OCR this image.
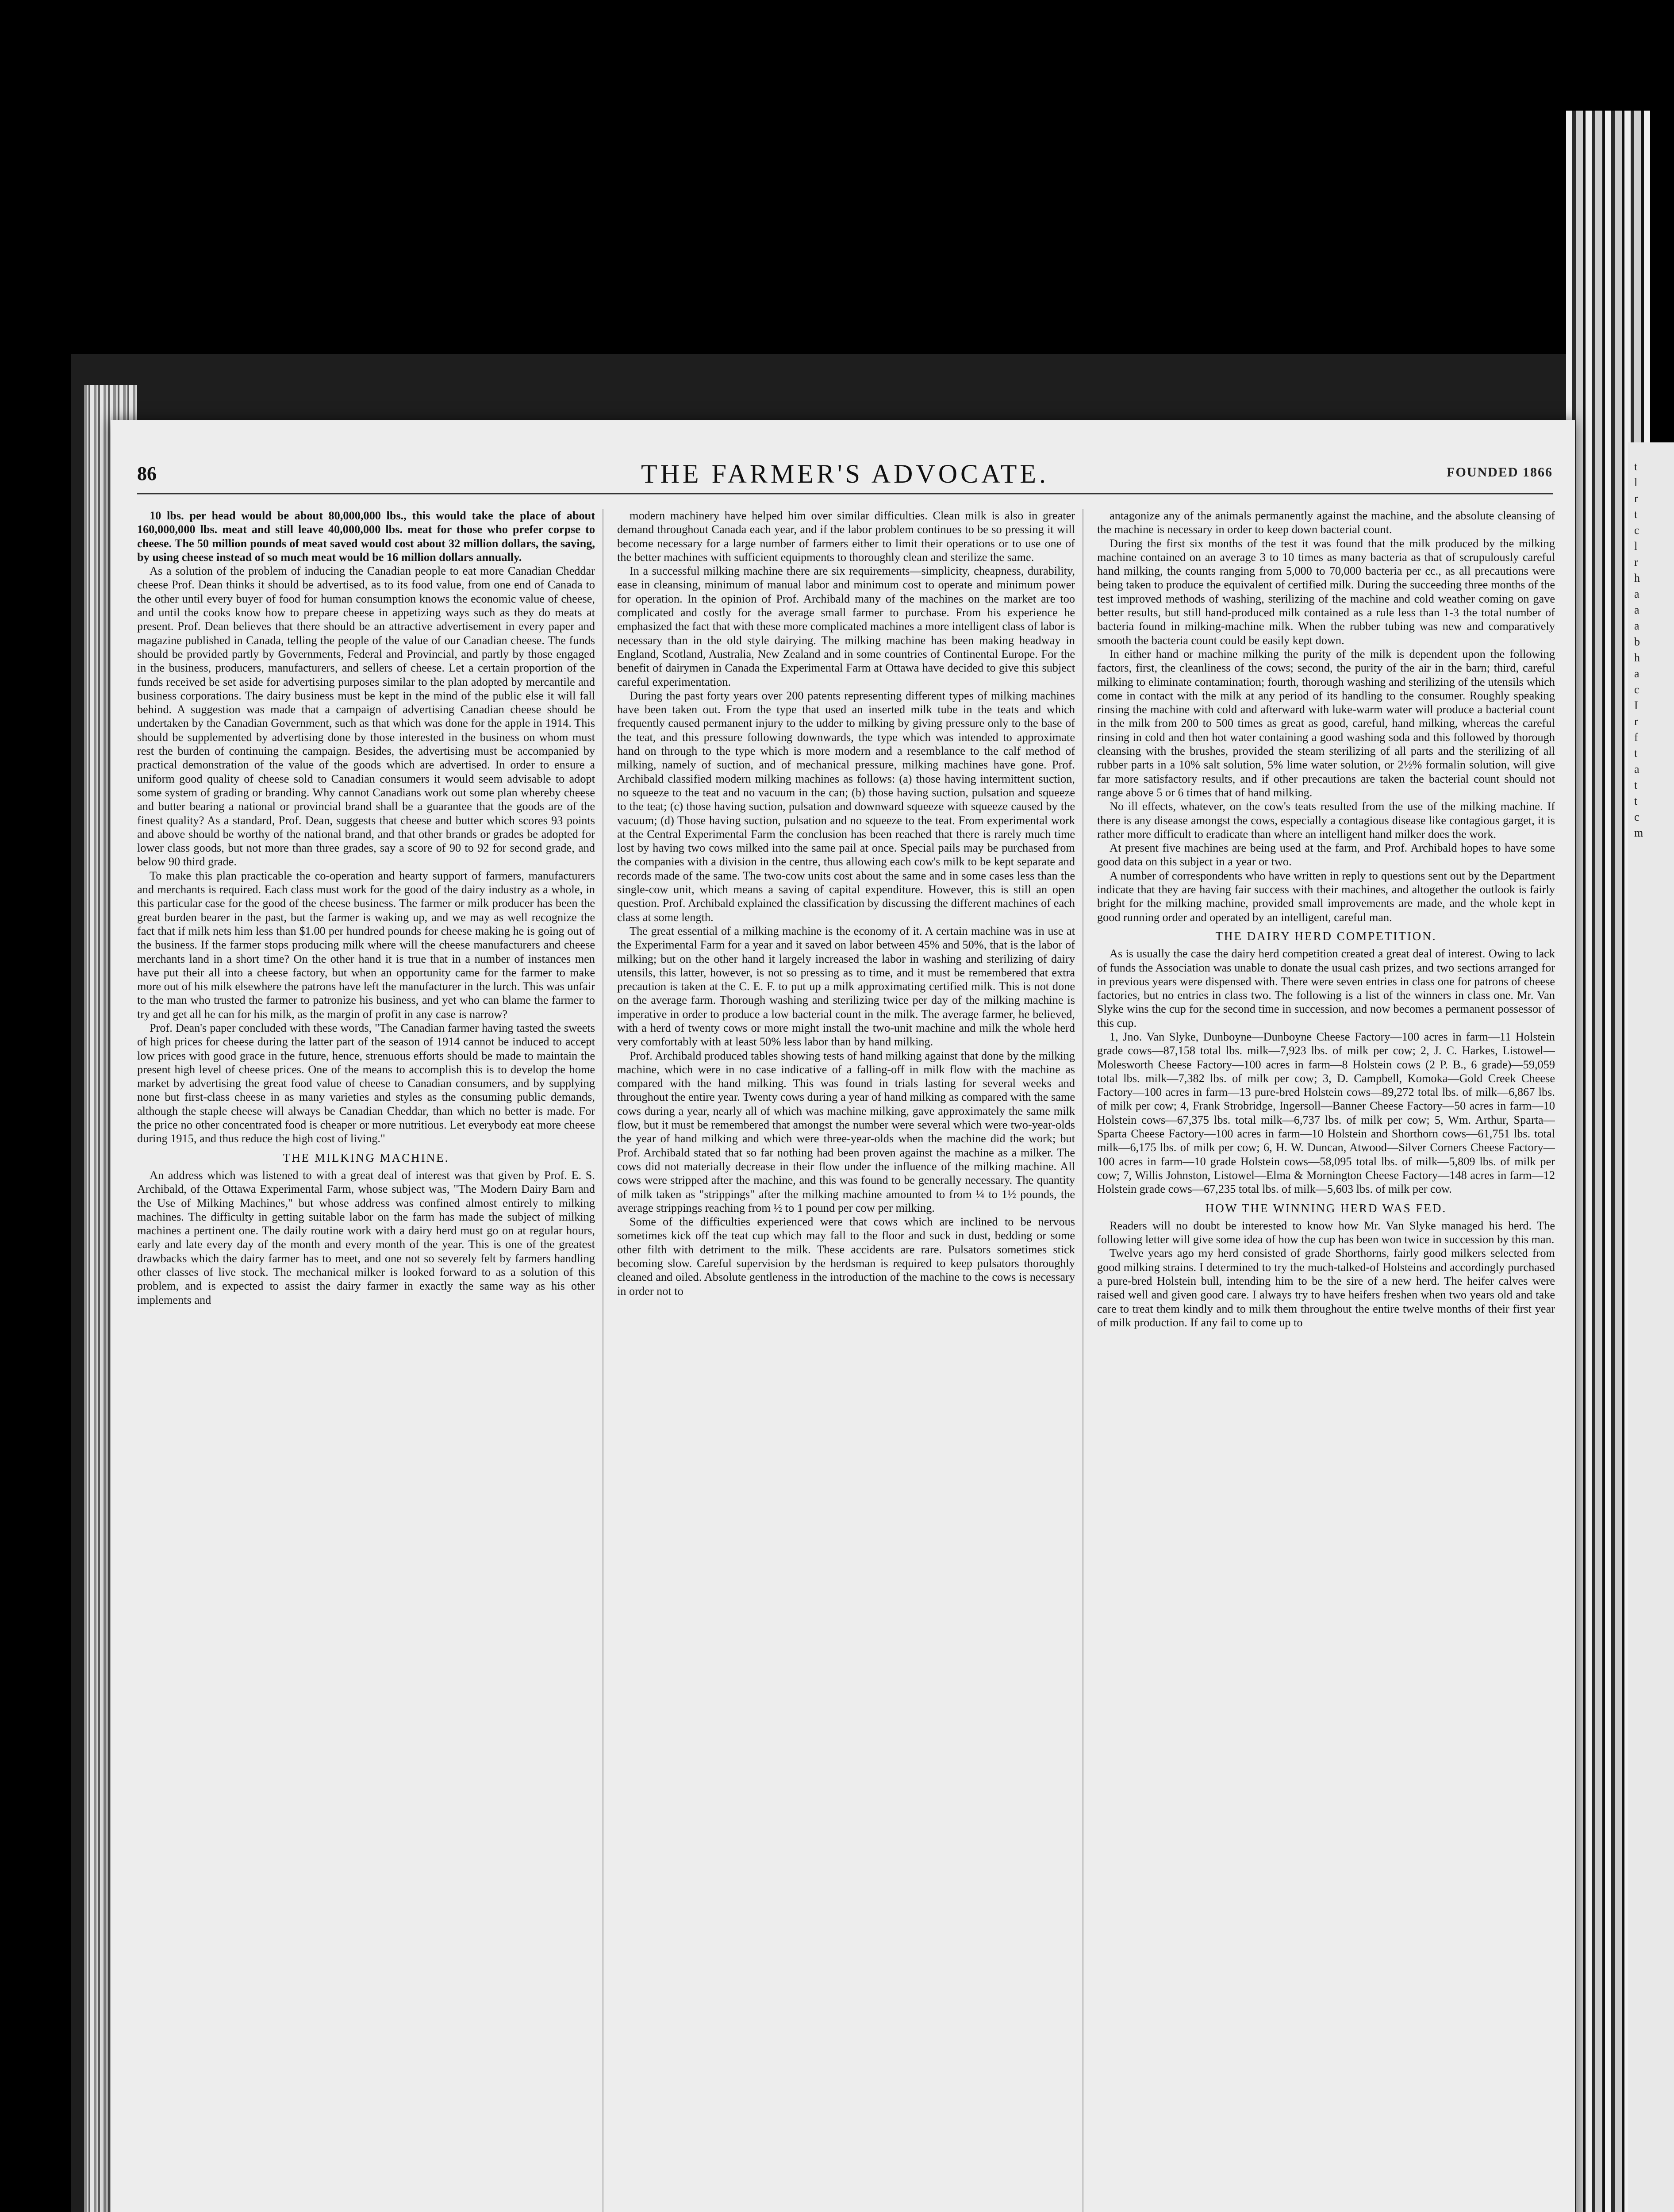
t
l
r
t
c
l
r
h
a
a
a
b
h
a
c
I
r
f
t
a
t
t
c
m
86	THE FARMER'S ADVOCATE.	FOUNDED 1866

10 lbs. per head would be about 80,000,000 lbs., this would take the place of about 160,000,000 lbs. meat and still leave 40,000,000 lbs. meat for those who prefer corpse to cheese. The 50 million pounds of meat saved would cost about 32 million dollars, the saving, by using cheese instead of so much meat would be 16 million dollars annually.

As a solution of the problem of inducing the Canadian people to eat more Canadian Cheddar cheese Prof. Dean thinks it should be advertised, as to its food value, from one end of Canada to the other until every buyer of food for human consumption knows the economic value of cheese, and until the cooks know how to prepare cheese in appetizing ways such as they do meats at present. Prof. Dean believes that there should be an attractive advertisement in every paper and magazine published in Canada, telling the people of the value of our Canadian cheese. The funds should be provided partly by Governments, Federal and Provincial, and partly by those engaged in the business, producers, manufacturers, and sellers of cheese. Let a certain proportion of the funds received be set aside for advertising purposes similar to the plan adopted by mercantile and business corporations. The dairy business must be kept in the mind of the public else it will fall behind. A suggestion was made that a campaign of advertising Canadian cheese should be undertaken by the Canadian Government, such as that which was done for the apple in 1914. This should be supplemented by advertising done by those interested in the business on whom must rest the burden of continuing the campaign. Besides, the advertising must be accompanied by practical demonstration of the value of the goods which are advertised. In order to ensure a uniform good quality of cheese sold to Canadian consumers it would seem advisable to adopt some system of grading or branding. Why cannot Canadians work out some plan whereby cheese and butter bearing a national or provincial brand shall be a guarantee that the goods are of the finest quality? As a standard, Prof. Dean, suggests that cheese and butter which scores 93 points and above should be worthy of the national brand, and that other brands or grades be adopted for lower class goods, but not more than three grades, say a score of 90 to 92 for second grade, and below 90 third grade.

To make this plan practicable the co-operation and hearty support of farmers, manufacturers and merchants is required. Each class must work for the good of the dairy industry as a whole, in this particular case for the good of the cheese business. The farmer or milk producer has been the great burden bearer in the past, but the farmer is waking up, and we may as well recognize the fact that if milk nets him less than $1.00 per hundred pounds for cheese making he is going out of the business. If the farmer stops producing milk where will the cheese manufacturers and cheese merchants land in a short time? On the other hand it is true that in a number of instances men have put their all into a cheese factory, but when an opportunity came for the farmer to make more out of his milk elsewhere the patrons have left the manufacturer in the lurch. This was unfair to the man who trusted the farmer to patronize his business, and yet who can blame the farmer to try and get all he can for his milk, as the margin of profit in any case is narrow?

Prof. Dean's paper concluded with these words, "The Canadian farmer having tasted the sweets of high prices for cheese during the latter part of the season of 1914 cannot be induced to accept low prices with good grace in the future, hence, strenuous efforts should be made to maintain the present high level of cheese prices. One of the means to accomplish this is to develop the home market by advertising the great food value of cheese to Canadian consumers, and by supplying none but first-class cheese in as many varieties and styles as the consuming public demands, although the staple cheese will always be Canadian Cheddar, than which no better is made. For the price no other concentrated food is cheaper or more nutritious. Let everybody eat more cheese during 1915, and thus reduce the high cost of living."

THE MILKING MACHINE.

An address which was listened to with a great deal of interest was that given by Prof. E. S. Archibald, of the Ottawa Experimental Farm, whose subject was, "The Modern Dairy Barn and the Use of Milking Machines," but whose address was confined almost entirely to milking machines. The difficulty in getting suitable labor on the farm has made the subject of milking machines a pertinent one. The daily routine work with a dairy herd must go on at regular hours, early and late every day of the month and every month of the year. This is one of the greatest drawbacks which the dairy farmer has to meet, and one not so severely felt by farmers handling other classes of live stock. The mechanical milker is looked forward to as a solution of this problem, and is expected to assist the dairy farmer in exactly the same way as his other implements and

modern machinery have helped him over similar difficulties. Clean milk is also in greater demand throughout Canada each year, and if the labor problem continues to be so pressing it will become necessary for a large number of farmers either to limit their operations or to use one of the better machines with sufficient equipments to thoroughly clean and sterilize the same.

In a successful milking machine there are six requirements—simplicity, cheapness, durability, ease in cleansing, minimum of manual labor and minimum cost to operate and minimum power for operation. In the opinion of Prof. Archibald many of the machines on the market are too complicated and costly for the average small farmer to purchase. From his experience he emphasized the fact that with these more complicated machines a more intelligent class of labor is necessary than in the old style dairying. The milking machine has been making headway in England, Scotland, Australia, New Zealand and in some countries of Continental Europe. For the benefit of dairymen in Canada the Experimental Farm at Ottawa have decided to give this subject careful experimentation.

During the past forty years over 200 patents representing different types of milking machines have been taken out. From the type that used an inserted milk tube in the teats and which frequently caused permanent injury to the udder to milking by giving pressure only to the base of the teat, and this pressure following downwards, the type which was intended to approximate hand on through to the type which is more modern and a resemblance to the calf method of milking, namely of suction, and of mechanical pressure, milking machines have gone. Prof. Archibald classified modern milking machines as follows: (a) those having intermittent suction, no squeeze to the teat and no vacuum in the can; (b) those having suction, pulsation and squeeze to the teat; (c) those having suction, pulsation and downward squeeze with squeeze caused by the vacuum; (d) Those having suction, pulsation and no squeeze to the teat. From experimental work at the Central Experimental Farm the conclusion has been reached that there is rarely much time lost by having two cows milked into the same pail at once. Special pails may be purchased from the companies with a division in the centre, thus allowing each cow's milk to be kept separate and records made of the same. The two-cow units cost about the same and in some cases less than the single-cow unit, which means a saving of capital expenditure. However, this is still an open question. Prof. Archibald explained the classification by discussing the different machines of each class at some length.

The great essential of a milking machine is the economy of it. A certain machine was in use at the Experimental Farm for a year and it saved on labor between 45% and 50%, that is the labor of milking; but on the other hand it largely increased the labor in washing and sterilizing of dairy utensils, this latter, however, is not so pressing as to time, and it must be remembered that extra precaution is taken at the C. E. F. to put up a milk approximating certified milk. This is not done on the average farm. Thorough washing and sterilizing twice per day of the milking machine is imperative in order to produce a low bacterial count in the milk. The average farmer, he believed, with a herd of twenty cows or more might install the two-unit machine and milk the whole herd very comfortably with at least 50% less labor than by hand milking.

Prof. Archibald produced tables showing tests of hand milking against that done by the milking machine, which were in no case indicative of a falling-off in milk flow with the machine as compared with the hand milking. This was found in trials lasting for several weeks and throughout the entire year. Twenty cows during a year of hand milking as compared with the same cows during a year, nearly all of which was machine milking, gave approximately the same milk flow, but it must be remembered that amongst the number were several which were two-year-olds the year of hand milking and which were three-year-olds when the machine did the work; but Prof. Archibald stated that so far nothing had been proven against the machine as a milker. The cows did not materially decrease in their flow under the influence of the milking machine. All cows were stripped after the machine, and this was found to be generally necessary. The quantity of milk taken as "strippings" after the milking machine amounted to from ¼ to 1½ pounds, the average strippings reaching from ½ to 1 pound per cow per milking.

Some of the difficulties experienced were that cows which are inclined to be nervous sometimes kick off the teat cup which may fall to the floor and suck in dust, bedding or some other filth with detriment to the milk. These accidents are rare. Pulsators sometimes stick becoming slow. Careful supervision by the herdsman is required to keep pulsators thoroughly cleaned and oiled. Absolute gentleness in the introduction of the machine to the cows is necessary in order not to

antagonize any of the animals permanently against the machine, and the absolute cleansing of the machine is necessary in order to keep down bacterial count.

During the first six months of the test it was found that the milk produced by the milking machine contained on an average 3 to 10 times as many bacteria as that of scrupulously careful hand milking, the counts ranging from 5,000 to 70,000 bacteria per cc., as all precautions were being taken to produce the equivalent of certified milk. During the succeeding three months of the test improved methods of washing, sterilizing of the machine and cold weather coming on gave better results, but still hand-produced milk contained as a rule less than 1-3 the total number of bacteria found in milking-machine milk. When the rubber tubing was new and comparatively smooth the bacteria count could be easily kept down.

In either hand or machine milking the purity of the milk is dependent upon the following factors, first, the cleanliness of the cows; second, the purity of the air in the barn; third, careful milking to eliminate contamination; fourth, thorough washing and sterilizing of the utensils which come in contact with the milk at any period of its handling to the consumer. Roughly speaking rinsing the machine with cold and afterward with luke-warm water will produce a bacterial count in the milk from 200 to 500 times as great as good, careful, hand milking, whereas the careful rinsing in cold and then hot water containing a good washing soda and this followed by thorough cleansing with the brushes, provided the steam sterilizing of all parts and the sterilizing of all rubber parts in a 10% salt solution, 5% lime water solution, or 2½% formalin solution, will give far more satisfactory results, and if other precautions are taken the bacterial count should not range above 5 or 6 times that of hand milking.

No ill effects, whatever, on the cow's teats resulted from the use of the milking machine. If there is any disease amongst the cows, especially a contagious disease like contagious garget, it is rather more difficult to eradicate than where an intelligent hand milker does the work.

At present five machines are being used at the farm, and Prof. Archibald hopes to have some good data on this subject in a year or two.

A number of correspondents who have written in reply to questions sent out by the Department indicate that they are having fair success with their machines, and altogether the outlook is fairly bright for the milking machine, provided small improvements are made, and the whole kept in good running order and operated by an intelligent, careful man.

THE DAIRY HERD COMPETITION.

As is usually the case the dairy herd competition created a great deal of interest. Owing to lack of funds the Association was unable to donate the usual cash prizes, and two sections arranged for in previous years were dispensed with. There were seven entries in class one for patrons of cheese factories, but no entries in class two. The following is a list of the winners in class one. Mr. Van Slyke wins the cup for the second time in succession, and now becomes a permanent possessor of this cup.

1, Jno. Van Slyke, Dunboyne—Dunboyne Cheese Factory—100 acres in farm—11 Holstein grade cows—87,158 total lbs. milk—7,923 lbs. of milk per cow; 2, J. C. Harkes, Listowel—Molesworth Cheese Factory—100 acres in farm—8 Holstein cows (2 P. B., 6 grade)—59,059 total lbs. milk—7,382 lbs. of milk per cow; 3, D. Campbell, Komoka—Gold Creek Cheese Factory—100 acres in farm—13 pure-bred Holstein cows—89,272 total lbs. of milk—6,867 lbs. of milk per cow; 4, Frank Strobridge, Ingersoll—Banner Cheese Factory—50 acres in farm—10 Holstein cows—67,375 lbs. total milk—6,737 lbs. of milk per cow; 5, Wm. Arthur, Sparta—Sparta Cheese Factory—100 acres in farm—10 Holstein and Shorthorn cows—61,751 lbs. total milk—6,175 lbs. of milk per cow; 6, H. W. Duncan, Atwood—Silver Corners Cheese Factory—100 acres in farm—10 grade Holstein cows—58,095 total lbs. of milk—5,809 lbs. of milk per cow; 7, Willis Johnston, Listowel—Elma & Mornington Cheese Factory—148 acres in farm—12 Holstein grade cows—67,235 total lbs. of milk—5,603 lbs. of milk per cow.

HOW THE WINNING HERD WAS FED.

Readers will no doubt be interested to know how Mr. Van Slyke managed his herd. The following letter will give some idea of how the cup has been won twice in succession by this man.

Twelve years ago my herd consisted of grade Shorthorns, fairly good milkers selected from good milking strains. I determined to try the much-talked-of Holsteins and accordingly purchased a pure-bred Holstein bull, intending him to be the sire of a new herd. The heifer calves were raised well and given good care. I always try to have heifers freshen when two years old and take care to treat them kindly and to milk them throughout the entire twelve months of their first year of milk production. If any fail to come up to
